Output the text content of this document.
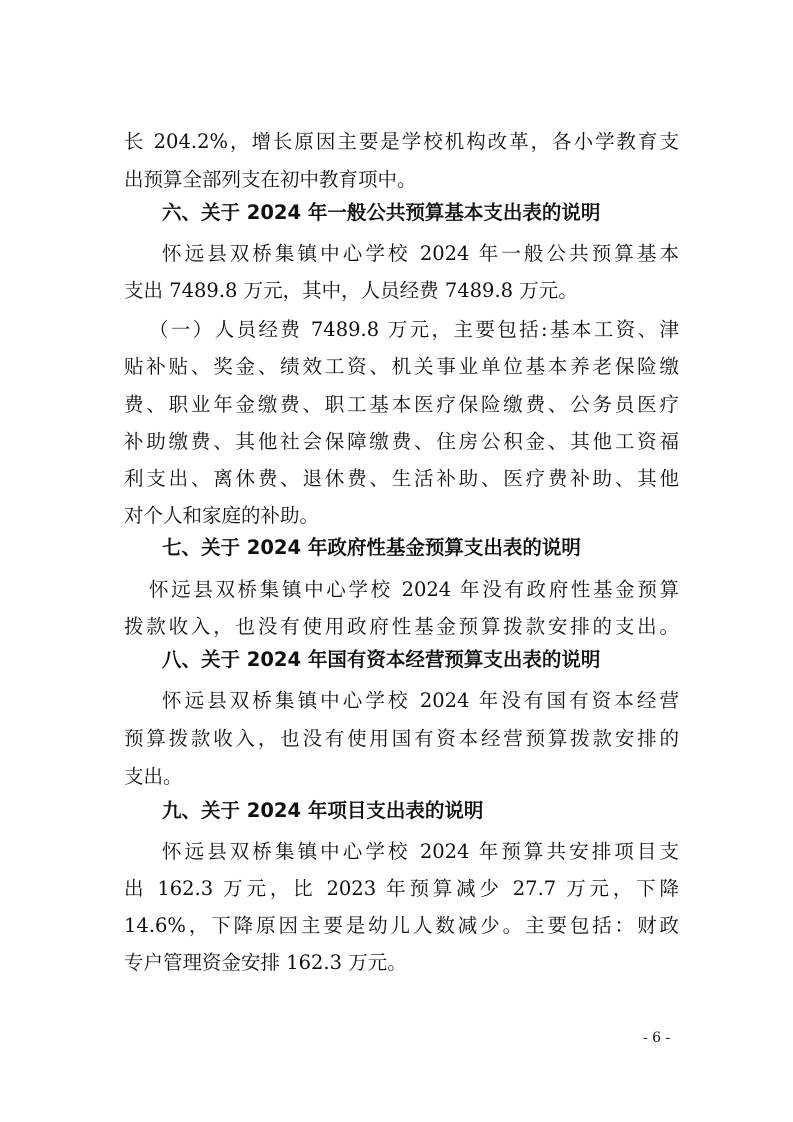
长 204.2%，增长原因主要是学校机构改革，各小学教育支

出预算全部列支在初中教育项中。

六、关于 2024 年一般公共预算基本支出表的说明

怀远县双桥集镇中心学校 2024 年一般公共预算基本

支出 7489.8 万元，其中，人员经费 7489.8 万元。

（一）人员经费 7489.8 万元，主要包括:基本工资、津

贴补贴、奖金、绩效工资、机关事业单位基本养老保险缴

费、职业年金缴费、职工基本医疗保险缴费、公务员医疗

补助缴费、其他社会保障缴费、住房公积金、其他工资福

利支出、离休费、退休费、生活补助、医疗费补助、其他

对个人和家庭的补助。

七、关于 2024 年政府性基金预算支出表的说明

怀远县双桥集镇中心学校 2024 年没有政府性基金预算

拨款收入，也没有使用政府性基金预算拨款安排的支出。

八、关于 2024 年国有资本经营预算支出表的说明

怀远县双桥集镇中心学校 2024 年没有国有资本经营

预算拨款收入，也没有使用国有资本经营预算拨款安排的

支出。

九、关于 2024 年项目支出表的说明

怀远县双桥集镇中心学校 2024 年预算共安排项目支

出 162.3 万元，比 2023 年预算减少 27.7 万元，下降

14.6%，下降原因主要是幼儿人数减少。主要包括：财政

专户管理资金安排 162.3 万元。

- 6 -
